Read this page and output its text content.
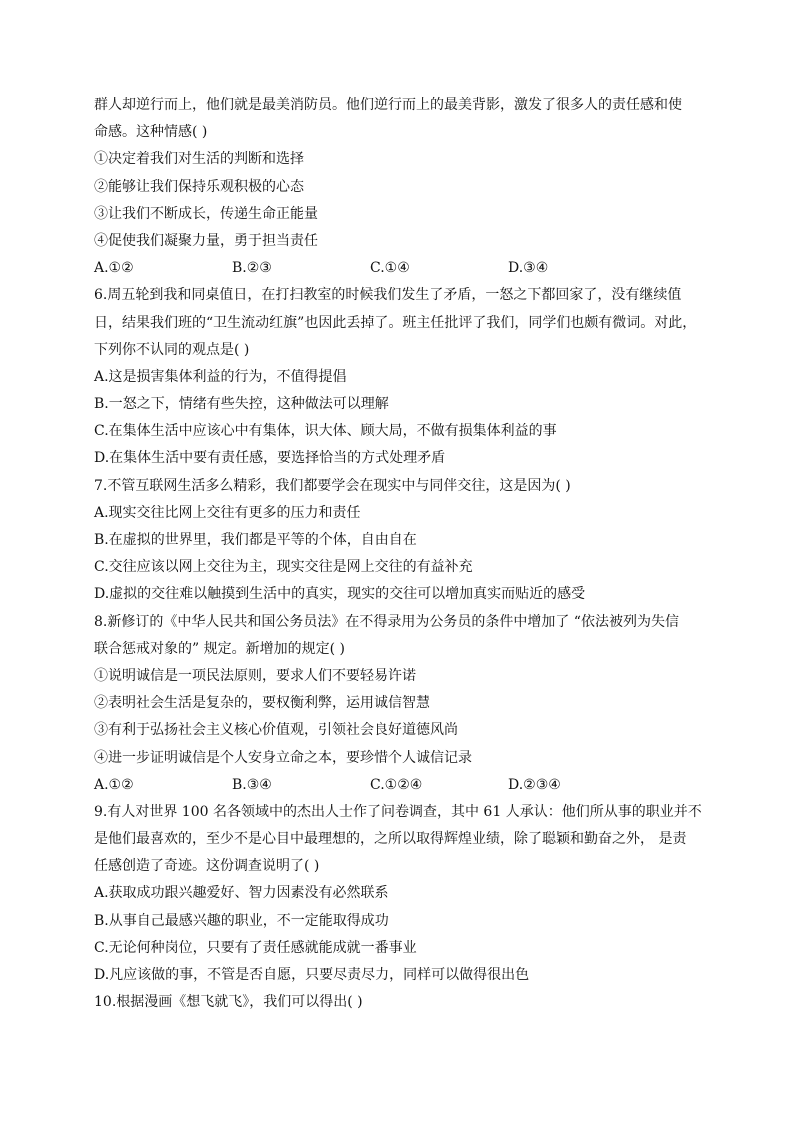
群人却逆行而上，他们就是最美消防员。他们逆行而上的最美背影，激发了很多人的责任感和使
命感。这种情感( )
①决定着我们对生活的判断和选择
②能够让我们保持乐观积极的心态
③让我们不断成长，传递生命正能量
④促使我们凝聚力量，勇于担当责任
A.①②	B.②③	C.①④	D.③④
6.周五轮到我和同桌值日，在打扫教室的时候我们发生了矛盾，一怒之下都回家了，没有继续值
日，结果我们班的“卫生流动红旗”也因此丢掉了。班主任批评了我们，同学们也颇有微词。对此，
下列你不认同的观点是( )
A.这是损害集体利益的行为，不值得提倡
B.一怒之下，情绪有些失控，这种做法可以理解
C.在集体生活中应该心中有集体，识大体、顾大局，不做有损集体利益的事
D.在集体生活中要有责任感，要选择恰当的方式处理矛盾
7.不管互联网生活多么精彩，我们都要学会在现实中与同伴交往，这是因为( )
A.现实交往比网上交往有更多的压力和责任
B.在虚拟的世界里，我们都是平等的个体，自由自在
C.交往应该以网上交往为主，现实交往是网上交往的有益补充
D.虚拟的交往难以触摸到生活中的真实，现实的交往可以增加真实而贴近的感受
8.新修订的《中华人民共和国公务员法》在不得录用为公务员的条件中增加了 “依法被列为失信
联合惩戒对象的” 规定。新增加的规定( )
①说明诚信是一项民法原则，要求人们不要轻易许诺
②表明社会生活是复杂的，要权衡利弊，运用诚信智慧
③有利于弘扬社会主义核心价值观，引领社会良好道德风尚
④进一步证明诚信是个人安身立命之本，要珍惜个人诚信记录
A.①②	B.③④	C.①②④	D.②③④
9.有人对世界 100 名各领域中的杰出人士作了问卷调查，其中 61 人承认：他们所从事的职业并不
是他们最喜欢的，至少不是心目中最理想的，之所以取得辉煌业绩，除了聪颖和勤奋之外， 是责
任感创造了奇迹。这份调查说明了( )
A.获取成功跟兴趣爱好、智力因素没有必然联系
B.从事自己最感兴趣的职业，不一定能取得成功
C.无论何种岗位，只要有了责任感就能成就一番事业
D.凡应该做的事，不管是否自愿，只要尽责尽力，同样可以做得很出色
10.根据漫画《想飞就飞》，我们可以得出( )
